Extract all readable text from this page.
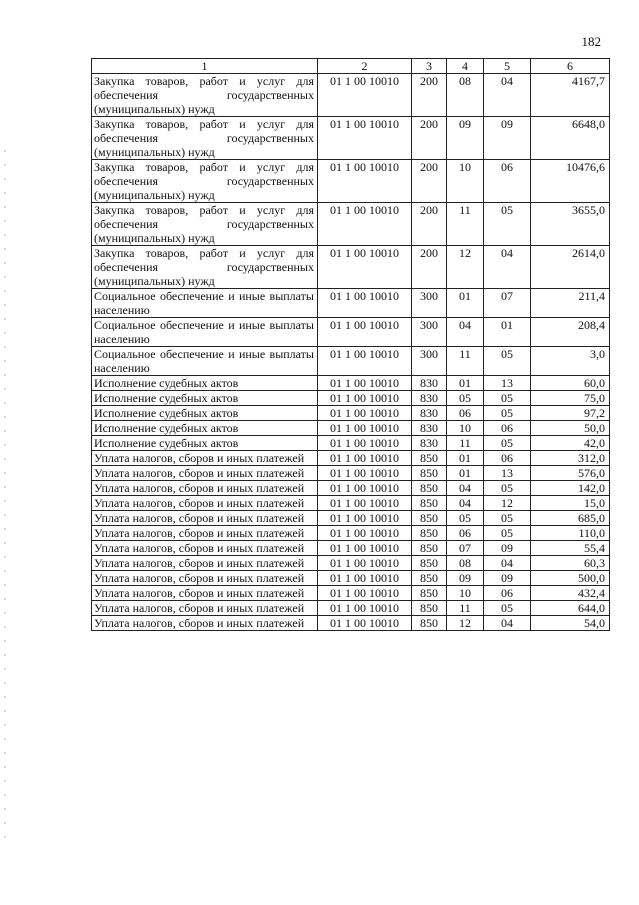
182
1	2	3	4	5	6
Закупка товаров, работ и услуг для обеспечения государственных (муниципальных) нужд	01 1 00 10010	200	08	04	4167,7
Закупка товаров, работ и услуг для обеспечения государственных (муниципальных) нужд	01 1 00 10010	200	09	09	6648,0
Закупка товаров, работ и услуг для обеспечения государственных (муниципальных) нужд	01 1 00 10010	200	10	06	10476,6
Закупка товаров, работ и услуг для обеспечения государственных (муниципальных) нужд	01 1 00 10010	200	11	05	3655,0
Закупка товаров, работ и услуг для обеспечения государственных (муниципальных) нужд	01 1 00 10010	200	12	04	2614,0
Социальное обеспечение и иные выплаты населению	01 1 00 10010	300	01	07	211,4
Социальное обеспечение и иные выплаты населению	01 1 00 10010	300	04	01	208,4
Социальное обеспечение и иные выплаты населению	01 1 00 10010	300	11	05	3,0
Исполнение судебных актов	01 1 00 10010	830	01	13	60,0
Исполнение судебных актов	01 1 00 10010	830	05	05	75,0
Исполнение судебных актов	01 1 00 10010	830	06	05	97,2
Исполнение судебных актов	01 1 00 10010	830	10	06	50,0
Исполнение судебных актов	01 1 00 10010	830	11	05	42,0
Уплата налогов, сборов и иных платежей	01 1 00 10010	850	01	06	312,0
Уплата налогов, сборов и иных платежей	01 1 00 10010	850	01	13	576,0
Уплата налогов, сборов и иных платежей	01 1 00 10010	850	04	05	142,0
Уплата налогов, сборов и иных платежей	01 1 00 10010	850	04	12	15,0
Уплата налогов, сборов и иных платежей	01 1 00 10010	850	05	05	685,0
Уплата налогов, сборов и иных платежей	01 1 00 10010	850	06	05	110,0
Уплата налогов, сборов и иных платежей	01 1 00 10010	850	07	09	55,4
Уплата налогов, сборов и иных платежей	01 1 00 10010	850	08	04	60,3
Уплата налогов, сборов и иных платежей	01 1 00 10010	850	09	09	500,0
Уплата налогов, сборов и иных платежей	01 1 00 10010	850	10	06	432,4
Уплата налогов, сборов и иных платежей	01 1 00 10010	850	11	05	644,0
Уплата налогов, сборов и иных платежей	01 1 00 10010	850	12	04	54,0
